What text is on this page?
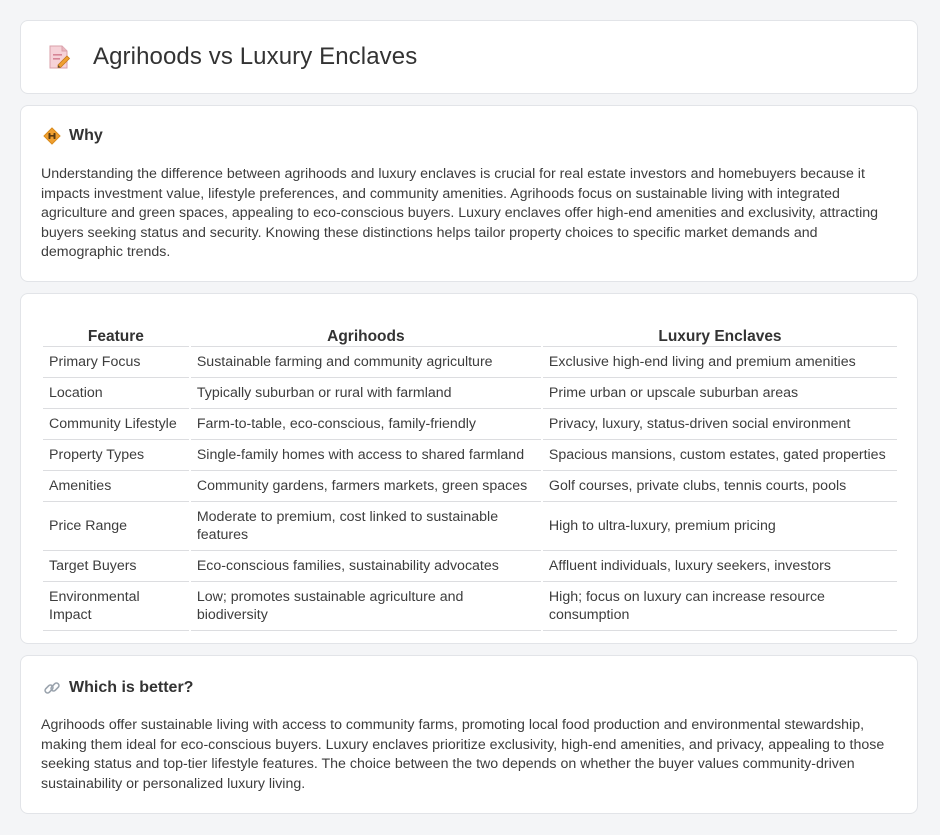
Agrihoods vs Luxury Enclaves
Why

Understanding the difference between agrihoods and luxury enclaves is crucial for real estate investors and homebuyers because it impacts investment value, lifestyle preferences, and community amenities. Agrihoods focus on sustainable living with integrated agriculture and green spaces, appealing to eco-conscious buyers. Luxury enclaves offer high-end amenities and exclusivity, attracting buyers seeking status and security. Knowing these distinctions helps tailor property choices to specific market demands and demographic trends.

Feature	Agrihoods	Luxury Enclaves
Primary Focus	Sustainable farming and community agriculture	Exclusive high-end living and premium amenities
Location	Typically suburban or rural with farmland	Prime urban or upscale suburban areas
Community Lifestyle	Farm-to-table, eco-conscious, family-friendly	Privacy, luxury, status-driven social environment
Property Types	Single-family homes with access to shared farmland	Spacious mansions, custom estates, gated properties
Amenities	Community gardens, farmers markets, green spaces	Golf courses, private clubs, tennis courts, pools
Price Range	Moderate to premium, cost linked to sustainable features	High to ultra-luxury, premium pricing
Target Buyers	Eco-conscious families, sustainability advocates	Affluent individuals, luxury seekers, investors
Environmental Impact	Low; promotes sustainable agriculture and biodiversity	High; focus on luxury can increase resource consumption
Which is better?

Agrihoods offer sustainable living with access to community farms, promoting local food production and environmental stewardship, making them ideal for eco-conscious buyers. Luxury enclaves prioritize exclusivity, high-end amenities, and privacy, appealing to those seeking status and top-tier lifestyle features. The choice between the two depends on whether the buyer values community-driven sustainability or personalized luxury living.
